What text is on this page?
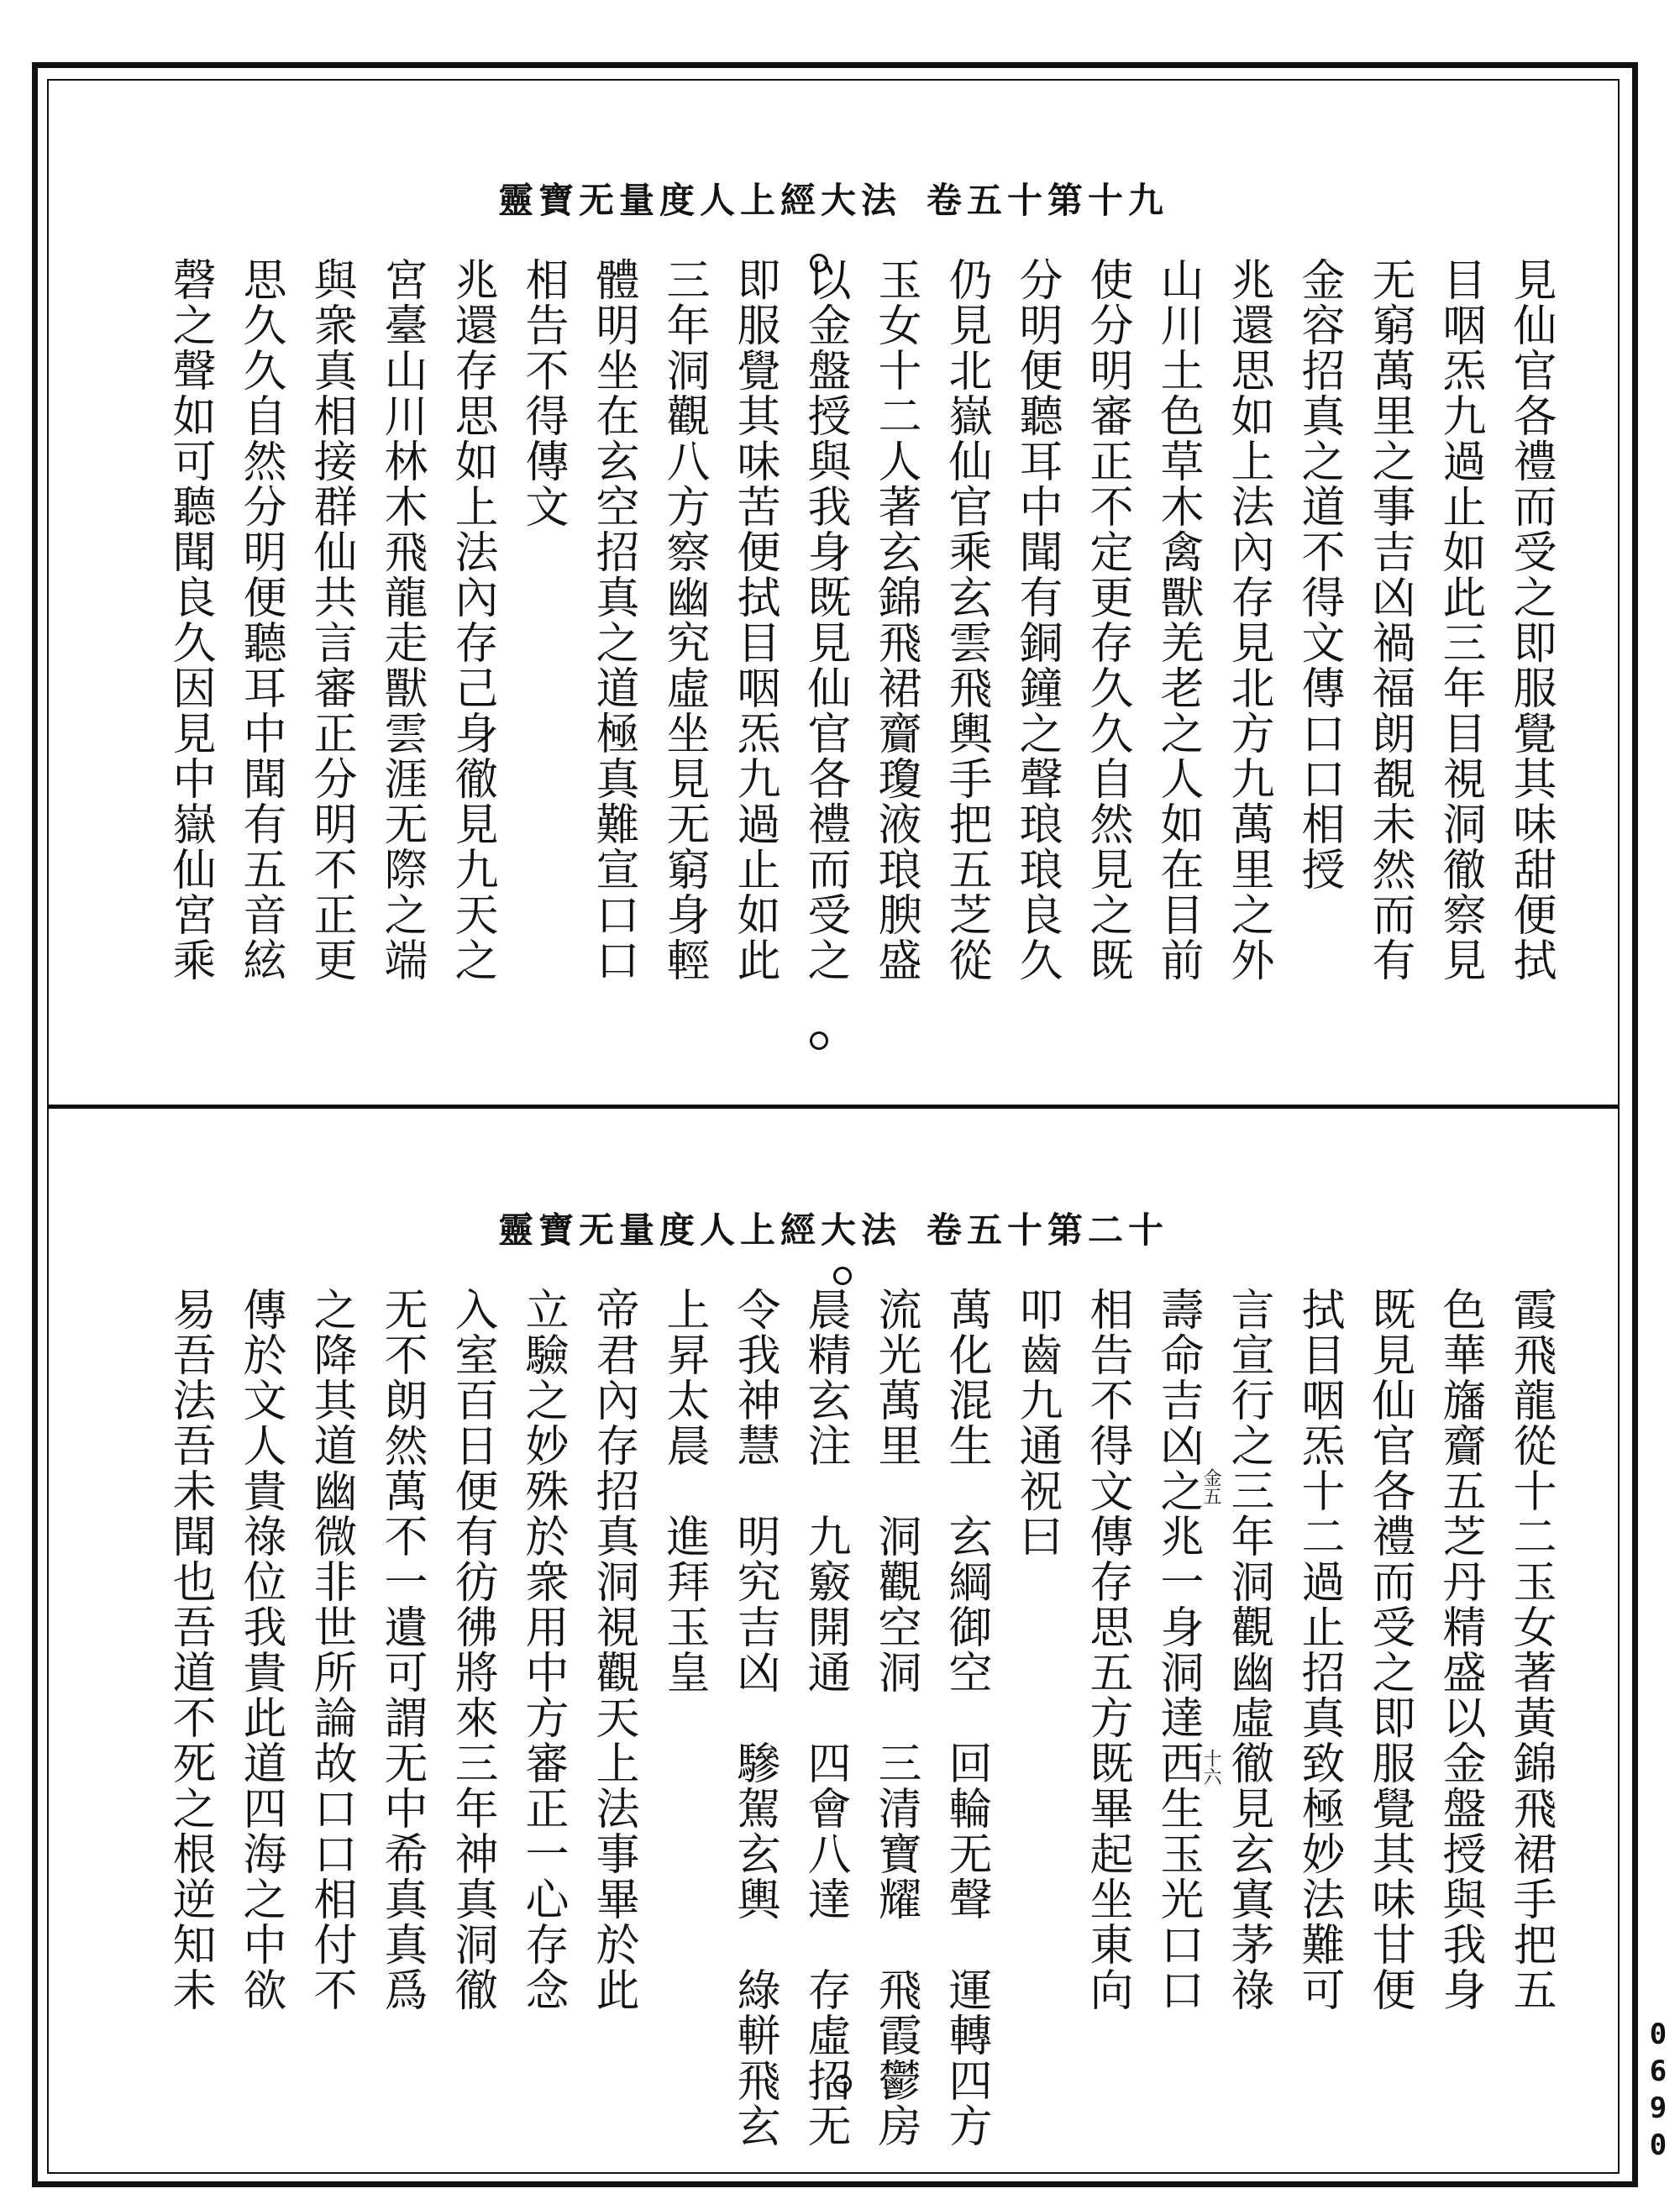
靈寶无量度人上經大法 卷五十第十九
見仙官各禮而受之即服覺其味甜便拭
目咽炁九過止如此三年目視洞徹察見
无窮萬里之事吉凶禍福朗覩未然而有
金容招真之道不得文傳口口相授
兆還思如上法內存見北方九萬里之外
山川土色草木禽獸羌老之人如在目前
使分明審正不定更存久久自然見之既
分明便聽耳中聞有銅鐘之聲琅琅良久
仍見北嶽仙官乘玄雲飛輿手把五芝從
玉女十二人著玄錦飛裙齎瓊液琅腴盛
以金盤授與我身既見仙官各禮而受之
即服覺其味苦便拭目咽炁九過止如此
三年洞觀八方察幽究虛坐見无窮身輕
體明坐在玄空招真之道極真難宣口口
相告不得傳文
兆還存思如上法內存己身徹見九天之
宮臺山川林木飛龍走獸雲涯无際之端
與衆真相接群仙共言審正分明不正更
思久久自然分明便聽耳中聞有五音絃
磬之聲如可聽聞良久因見中嶽仙宮乘
靈寶无量度人上經大法 卷五十第二十
金五
十六	霞飛龍從十二玉女著黃錦飛裙手把五
色華旛齎五芝丹精盛以金盤授與我身
既見仙官各禮而受之即服覺其味甘便
拭目咽炁十二過止招真致極妙法難可
言宣行之三年洞觀幽虛徹見玄寘茅祿
壽命吉凶之兆一身洞達西生玉光口口
相告不得文傳存思五方既畢起坐東向
叩齒九通祝曰
萬化混生　玄綱御空　回輪无聲　運轉四方
流光萬里　洞觀空洞　三清寶耀　飛霞鬱房
晨精玄注　九竅開通　四會八達　存虛招无
令我神慧　明究吉凶　驂駕玄輿　綠軿飛玄
上昇太晨　進拜玉皇
帝君內存招真洞視觀天上法事畢於此
立驗之妙殊於衆用中方審正一心存念
入室百日便有彷彿將來三年神真洞徹
无不朗然萬不一遺可謂无中希真真爲
之降其道幽微非世所論故口口相付不
傳於文人貴祿位我貴此道四海之中欲
易吾法吾未聞也吾道不死之根逆知未
0690
